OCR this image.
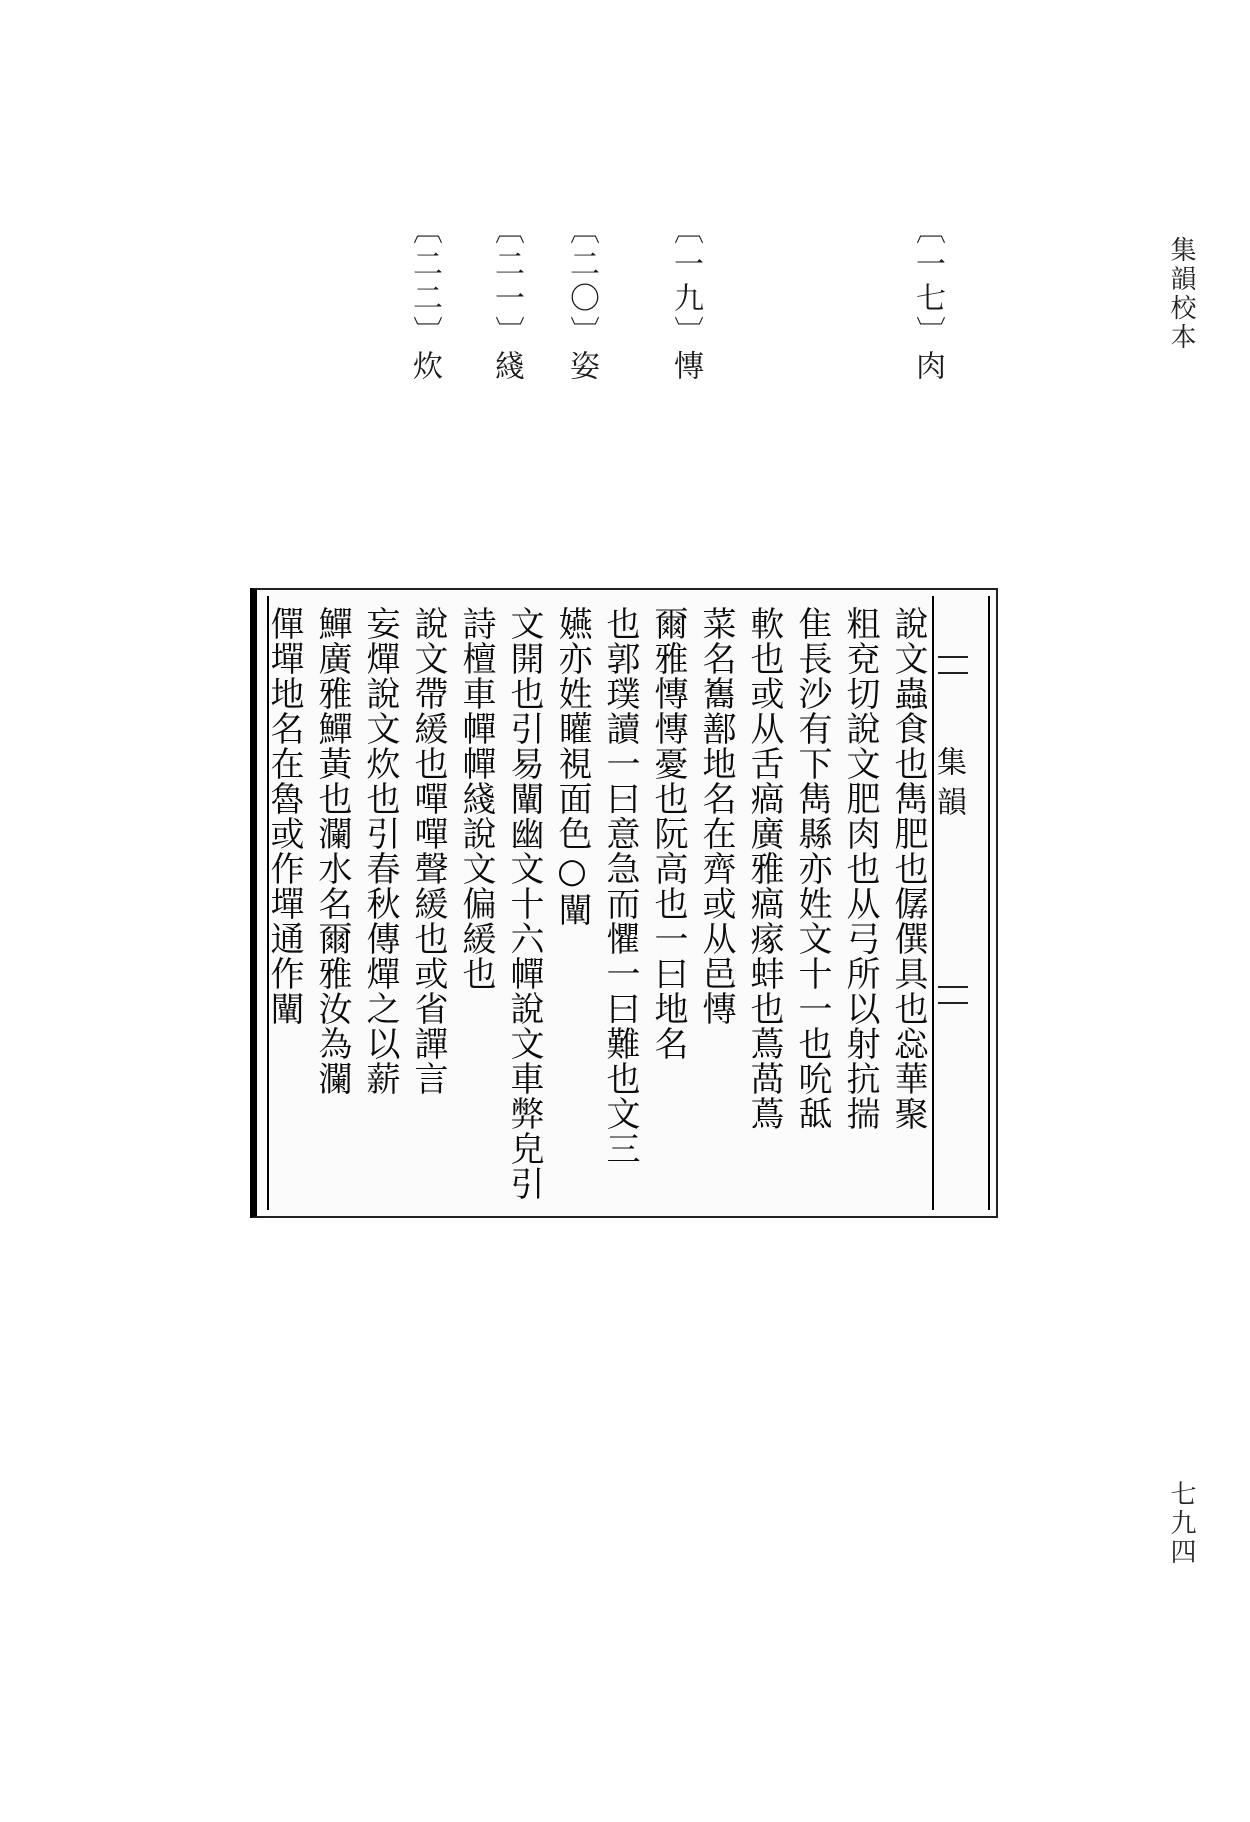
集韻校本
七九四
〔一七〕肉
〔一九〕慱
〔二〇〕姿
〔二一〕綫
〔二二〕炊
集韻
說文蟲食也雋肥也僝僎具也惢華聚
粗兗切說文肥肉也从弓所以射抗揣
隹長沙有下雋縣亦姓文十一也吮䑛
軟也或从舌瘑廣雅瘑瘃蚌也蔦萵蔦
菜名雟鄯地名在齊或从邑慱
爾雅慱慱憂也阮高也一曰地名
也郭璞讀一曰意急而懼一曰難也文三
嬿亦姓矔視面色○闡
文開也引易闡幽文十六幝說文車弊皃引
詩檀車幝幝綫說文偏緩也
說文帶緩也嘽嘽聲緩也或省譂言
妄燀說文炊也引春秋傳燀之以薪
鱓廣雅鱓黃也瀾水名爾雅汝為瀾
僤墠地名在魯或作墠通作闡
